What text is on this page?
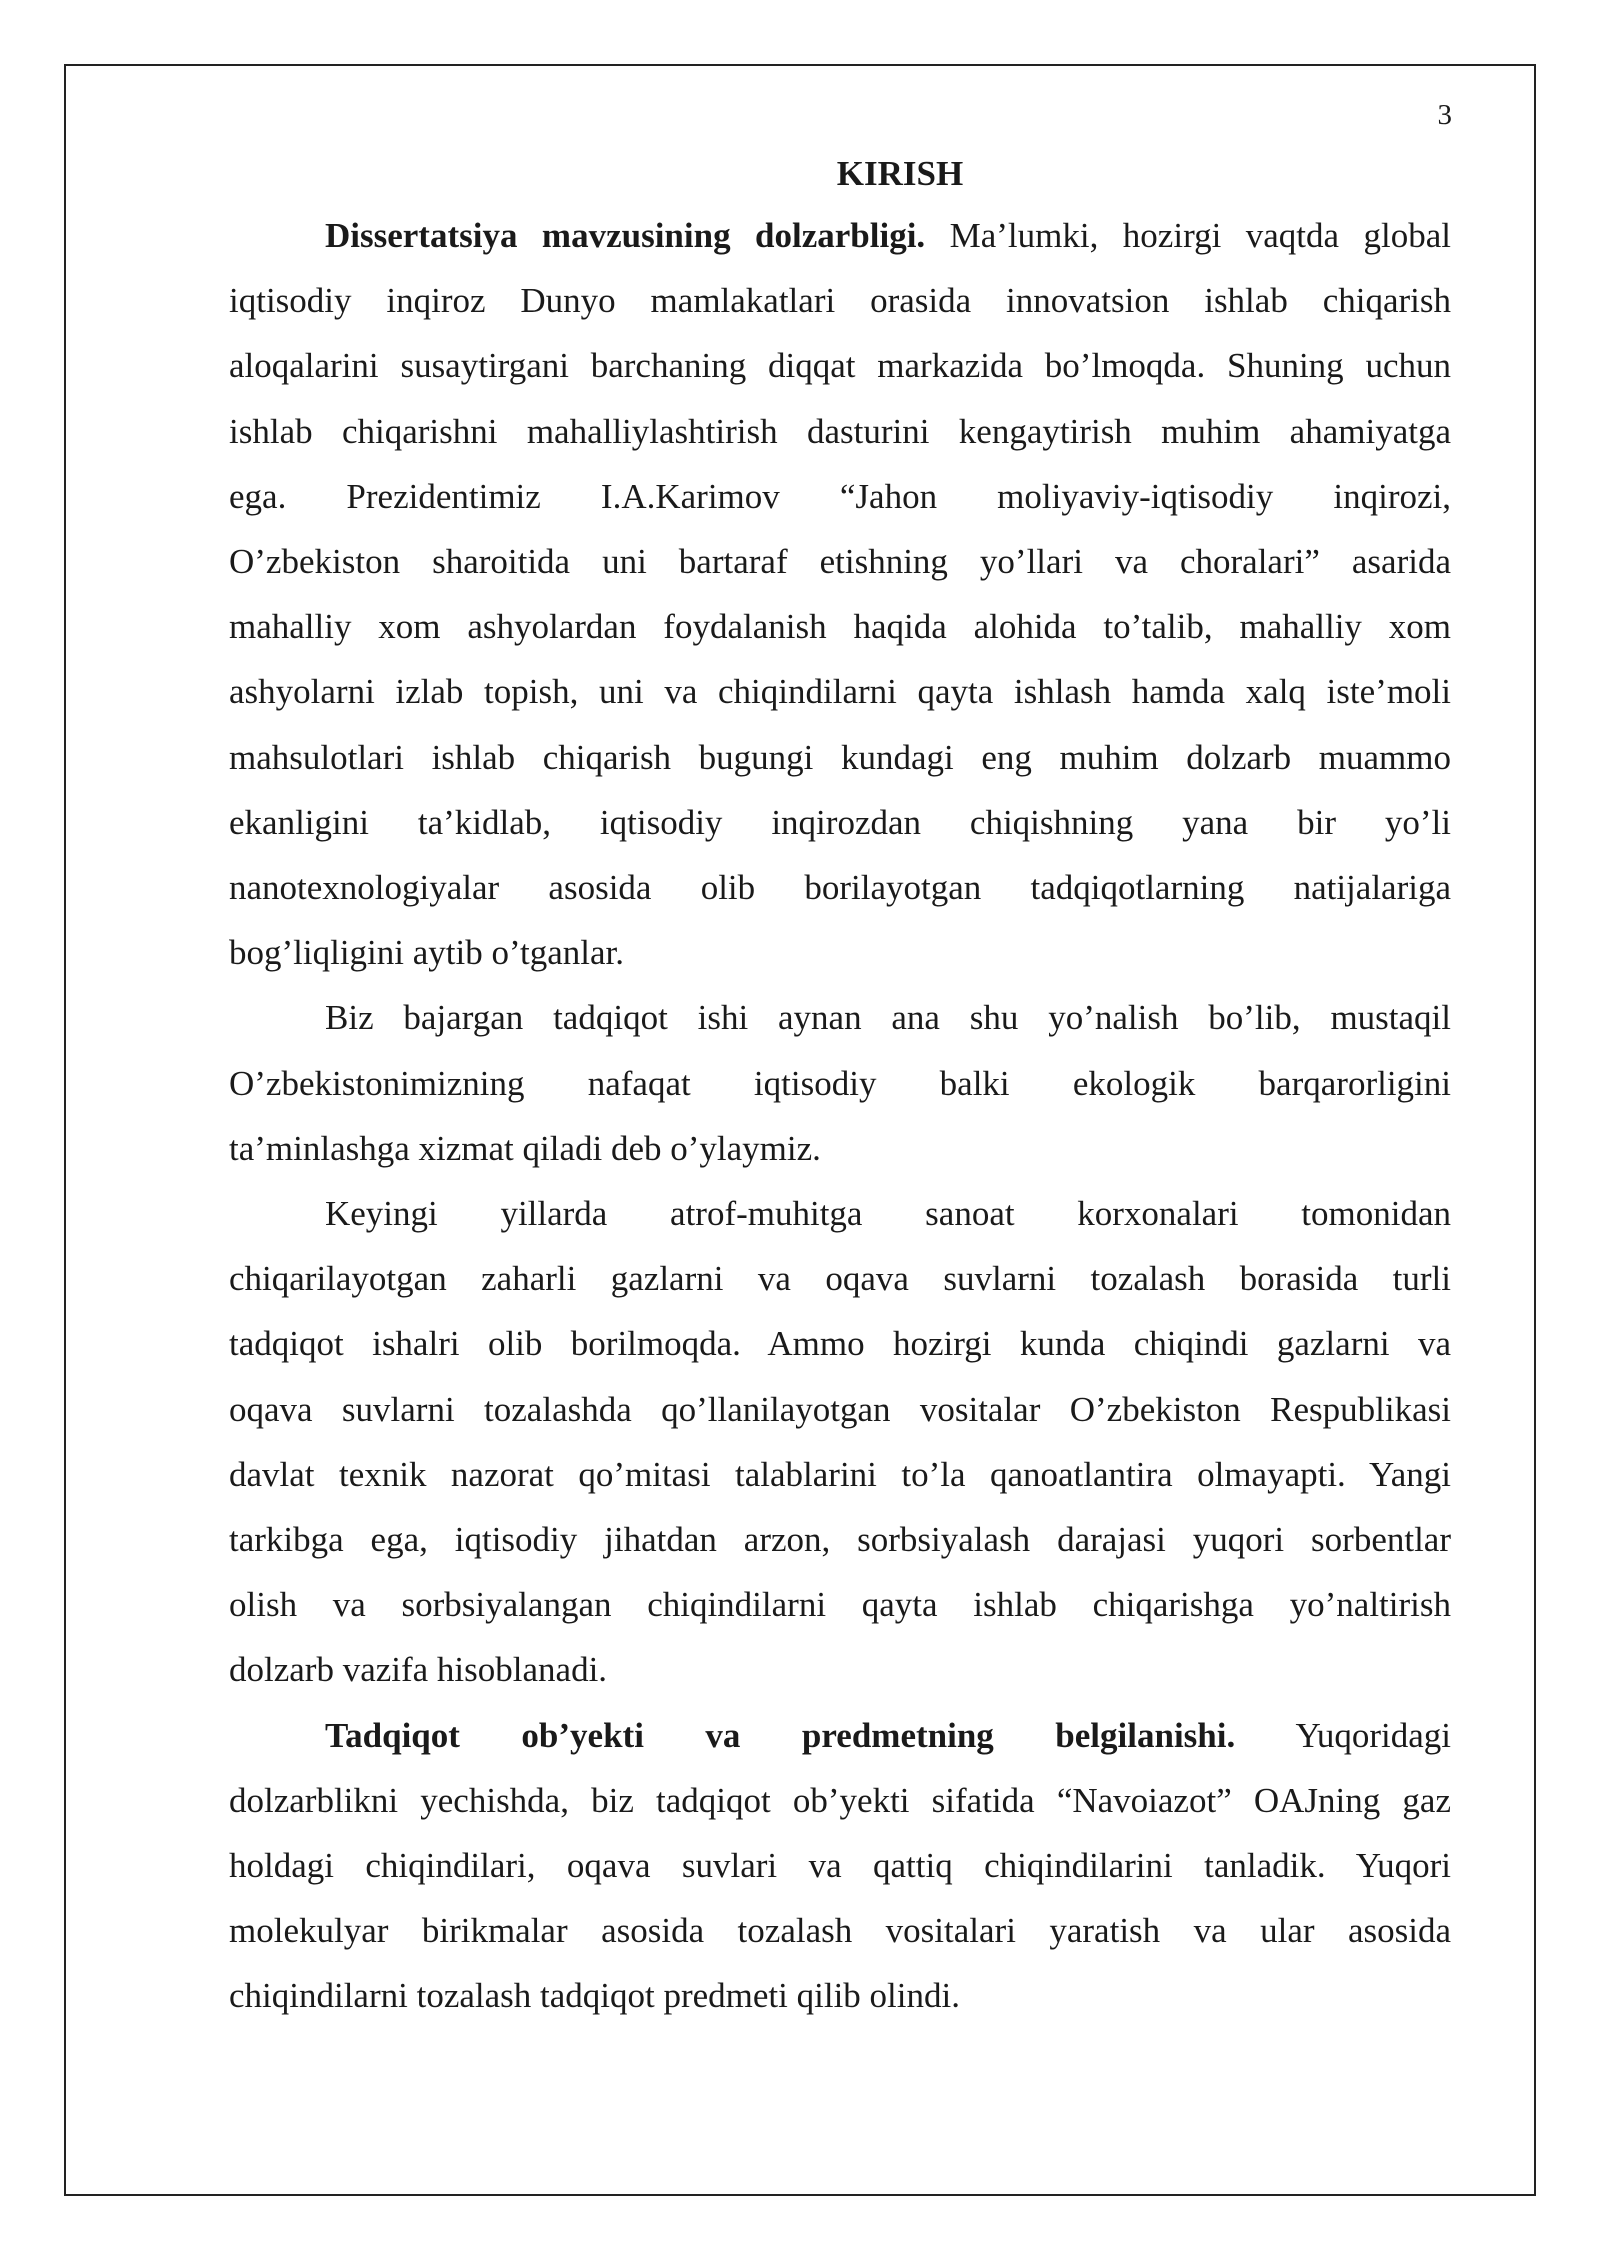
3
KIRISH
Dissertatsiya mavzusining dolzarbligi. Ma’lumki, hozirgi vaqtda global
iqtisodiy inqiroz Dunyo mamlakatlari orasida innovatsion ishlab chiqarish
aloqalarini susaytirgani barchaning diqqat markazida bo’lmoqda. Shuning uchun
ishlab chiqarishni mahalliylashtirish dasturini kengaytirish muhim ahamiyatga
ega. Prezidentimiz I.A.Karimov “Jahon moliyaviy-iqtisodiy inqirozi,
O’zbekiston sharoitida uni bartaraf etishning yo’llari va choralari” asarida
mahalliy xom ashyolardan foydalanish haqida alohida to’talib, mahalliy xom
ashyolarni izlab topish, uni va chiqindilarni qayta ishlash hamda xalq iste’moli
mahsulotlari ishlab chiqarish bugungi kundagi eng muhim dolzarb muammo
ekanligini ta’kidlab, iqtisodiy inqirozdan chiqishning yana bir yo’li
nanotexnologiyalar asosida olib borilayotgan tadqiqotlarning natijalariga
bog’liqligini aytib o’tganlar.
Biz bajargan tadqiqot ishi aynan ana shu yo’nalish bo’lib, mustaqil
O’zbekistonimizning nafaqat iqtisodiy balki ekologik barqarorligini
ta’minlashga xizmat qiladi deb o’ylaymiz.
Keyingi yillarda atrof-muhitga sanoat korxonalari tomonidan
chiqarilayotgan zaharli gazlarni va oqava suvlarni tozalash borasida turli
tadqiqot ishalri olib borilmoqda. Ammo hozirgi kunda chiqindi gazlarni va
oqava suvlarni tozalashda qo’llanilayotgan vositalar O’zbekiston Respublikasi
davlat texnik nazorat qo’mitasi talablarini to’la qanoatlantira olmayapti. Yangi
tarkibga ega, iqtisodiy jihatdan arzon, sorbsiyalash darajasi yuqori sorbentlar
olish va sorbsiyalangan chiqindilarni qayta ishlab chiqarishga yo’naltirish
dolzarb vazifa hisoblanadi.
Tadqiqot ob’yekti va predmetning belgilanishi. Yuqoridagi
dolzarblikni yechishda, biz tadqiqot ob’yekti sifatida “Navoiazot” OAJning gaz
holdagi chiqindilari, oqava suvlari va qattiq chiqindilarini tanladik. Yuqori
molekulyar birikmalar asosida tozalash vositalari yaratish va ular asosida
chiqindilarni tozalash tadqiqot predmeti qilib olindi.
